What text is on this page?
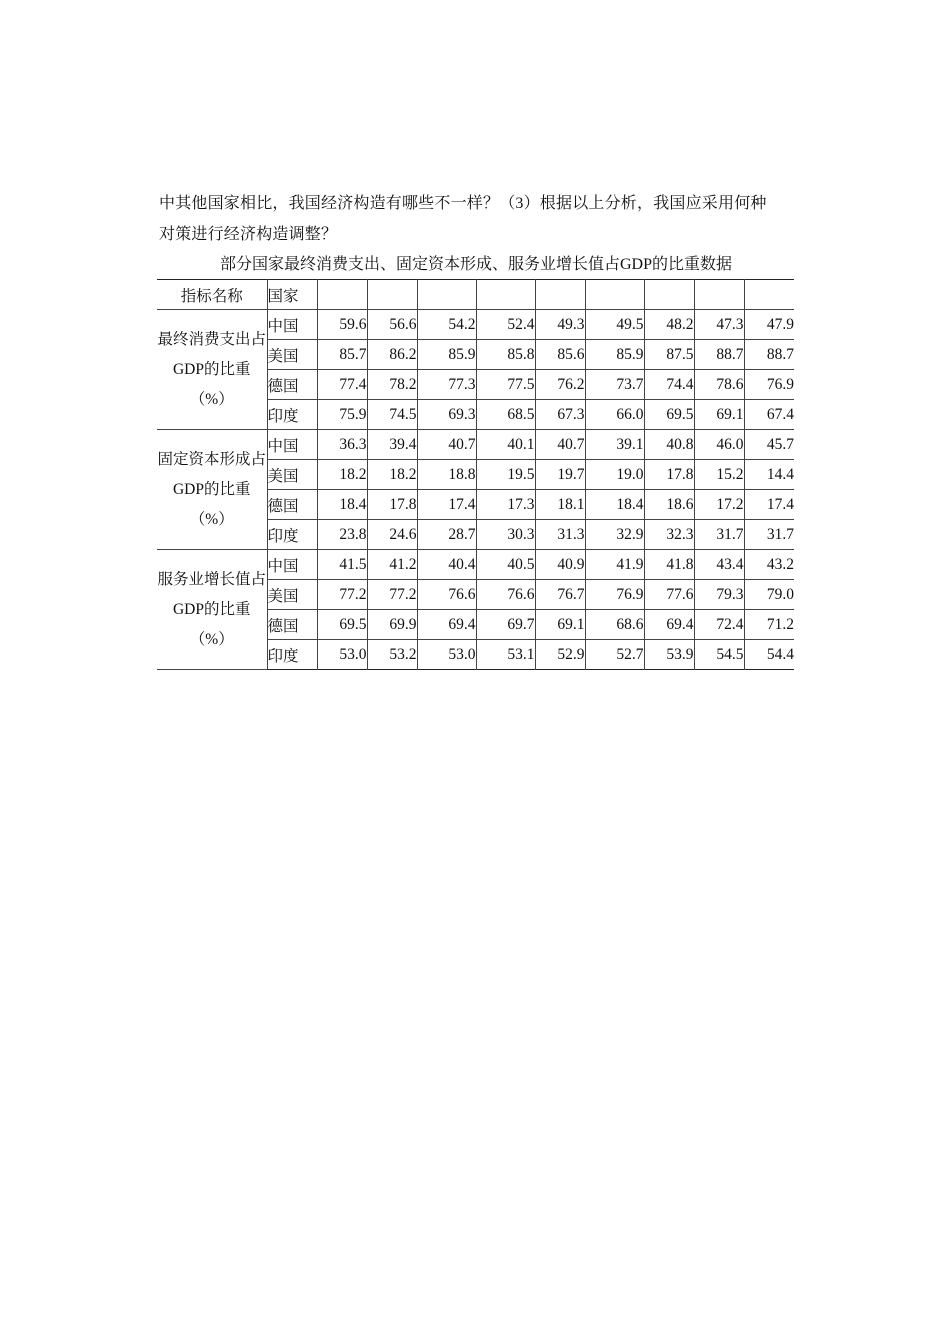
中其他国家相比，我国经济构造有哪些不一样？（3）根据以上分析，我国应采用何种

对策进行经济构造调整？

部分国家最终消费支出、固定资本形成、服务业增长值占GDP的比重数据
指标名称	国家									
最终消费支出占GDP的比重（%）	中国	59.6	56.6	54.2	52.4	49.3	49.5	48.2	47.3	47.9
	美国	85.7	86.2	85.9	85.8	85.6	85.9	87.5	88.7	88.7
	德国	77.4	78.2	77.3	77.5	76.2	73.7	74.4	78.6	76.9
	印度	75.9	74.5	69.3	68.5	67.3	66.0	69.5	69.1	67.4
固定资本形成占GDP的比重（%）	中国	36.3	39.4	40.7	40.1	40.7	39.1	40.8	46.0	45.7
	美国	18.2	18.2	18.8	19.5	19.7	19.0	17.8	15.2	14.4
	德国	18.4	17.8	17.4	17.3	18.1	18.4	18.6	17.2	17.4
	印度	23.8	24.6	28.7	30.3	31.3	32.9	32.3	31.7	31.7
服务业增长值占GDP的比重（%）	中国	41.5	41.2	40.4	40.5	40.9	41.9	41.8	43.4	43.2
	美国	77.2	77.2	76.6	76.6	76.7	76.9	77.6	79.3	79.0
	德国	69.5	69.9	69.4	69.7	69.1	68.6	69.4	72.4	71.2
	印度	53.0	53.2	53.0	53.1	52.9	52.7	53.9	54.5	54.4
